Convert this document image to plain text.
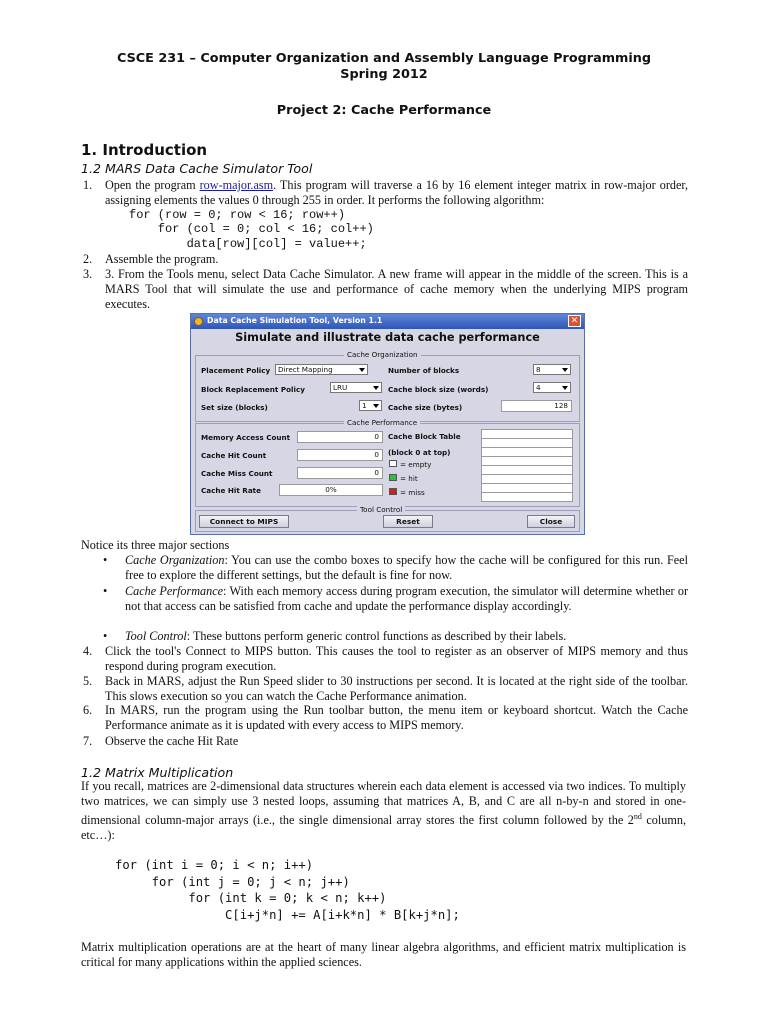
CSCE 231 – Computer Organization and Assembly Language Programming
Spring 2012
Project 2: Cache Performance
1. Introduction
1.2 MARS Data Cache Simulator Tool
1.	Open the program row-major.asm. This program will traverse a 16 by 16 element integer matrix in row-major order, assigning elements the values 0 through 255 in order. It performs the following algorithm:
for (row = 0; row < 16; row++)
for (col = 0; col < 16; col++)
data[row][col] = value++;
2.	Assemble the program.
3.	3. From the Tools menu, select Data Cache Simulator. A new frame will appear in the middle of the screen. This is a MARS Tool that will simulate the use and performance of cache memory when the underlying MIPS program executes.
Data Cache Simulation Tool, Version 1.1	✕
Simulate and illustrate data cache performance
Cache Organization
Placement Policy	Direct Mapping	Number of blocks	8
Block Replacement Policy	LRU	Cache block size (words)	4
Set size (blocks)	1	Cache size (bytes)	128
Cache Performance
Memory Access Count	0
Cache Hit Count	0
Cache Miss Count	0
Cache Hit Rate	0%
Cache Block Table
(block 0 at top)
= empty
= hit
= miss
Tool Control
Connect to MIPS	Reset	Close
Notice its three major sections
• Cache Organization: You can use the combo boxes to specify how the cache will be configured for this run. Feel free to explore the different settings, but the default is fine for now.
• Cache Performance: With each memory access during program execution, the simulator will determine whether or not that access can be satisfied from cache and update the performance display accordingly.
• Tool Control: These buttons perform generic control functions as described by their labels.
4.	Click the tool's Connect to MIPS button. This causes the tool to register as an observer of MIPS memory and thus respond during program execution.
5.	Back in MARS, adjust the Run Speed slider to 30 instructions per second. It is located at the right side of the toolbar. This slows execution so you can watch the Cache Performance animation.
6.	In MARS, run the program using the Run toolbar button, the menu item or keyboard shortcut. Watch the Cache Performance animate as it is updated with every access to MIPS memory.
7.	Observe the cache Hit Rate
1.2 Matrix Multiplication
If you recall, matrices are 2-dimensional data structures wherein each data element is accessed via two indices. To multiply two matrices, we can simply use 3 nested loops, assuming that matrices A, B, and C are all n-by-n and stored in one-dimensional column-major arrays (i.e., the single dimensional array stores the first column followed by the 2nd column, etc…):
for (int i = 0; i < n; i++)
for (int j = 0; j < n; j++)
for (int k = 0; k < n; k++)
C[i+j*n] += A[i+k*n] * B[k+j*n];
Matrix multiplication operations are at the heart of many linear algebra algorithms, and efficient matrix multiplication is critical for many applications within the applied sciences.
